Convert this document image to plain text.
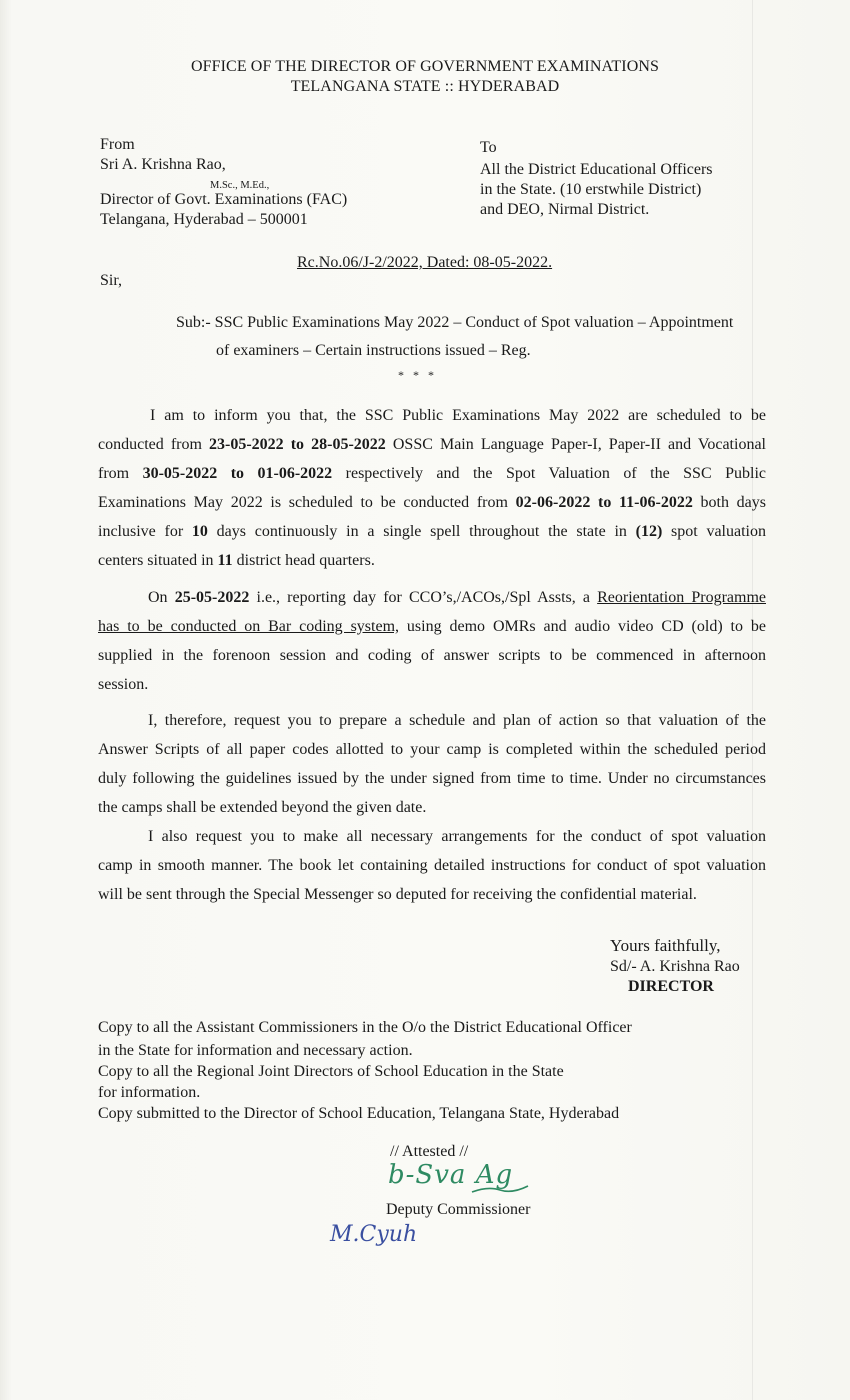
OFFICE OF THE DIRECTOR OF GOVERNMENT EXAMINATIONS
TELANGANA STATE :: HYDERABAD
From
Sri A. Krishna Rao,
M.Sc., M.Ed.,
Director of Govt. Examinations (FAC)
Telangana, Hyderabad – 500001
To
All the District Educational Officers
in the State. (10 erstwhile District)
and DEO, Nirmal District.
Rc.No.06/J-2/2022, Dated: 08-05-2022.
Sir,
Sub:- SSC Public Examinations May 2022 – Conduct of Spot valuation – Appointment
of examiners – Certain instructions issued – Reg.
* * *
I am to inform you that, the SSC Public Examinations May 2022 are scheduled to be
conducted from 23-05-2022 to 28-05-2022 OSSC Main Language Paper-I, Paper-II and Vocational
from 30-05-2022 to 01-06-2022 respectively and the Spot Valuation of the SSC Public
Examinations May 2022 is scheduled to be conducted from 02-06-2022 to 11-06-2022 both days
inclusive for 10 days continuously in a single spell throughout the state in (12) spot valuation
centers situated in 11 district head quarters.
On 25-05-2022 i.e., reporting day for CCO’s,/ACOs,/Spl Assts, a Reorientation Programme
has to be conducted on Bar coding system, using demo OMRs and audio video CD (old) to be
supplied in the forenoon session and coding of answer scripts to be commenced in afternoon
session.
I, therefore, request you to prepare a schedule and plan of action so that valuation of the
Answer Scripts of all paper codes allotted to your camp is completed within the scheduled period
duly following the guidelines issued by the under signed from time to time. Under no circumstances
the camps shall be extended beyond the given date.
I also request you to make all necessary arrangements for the conduct of spot valuation
camp in smooth manner. The book let containing detailed instructions for conduct of spot valuation
will be sent through the Special Messenger so deputed for receiving the confidential material.
Yours faithfully,
Sd/- A. Krishna Rao
DIRECTOR
Copy to all the Assistant Commissioners in the O/o the District Educational Officer
in the State for information and necessary action.
Copy to all the Regional Joint Directors of School Education in the State
for information.
Copy submitted to the Director of School Education, Telangana State, Hyderabad
// Attested //
b-Sva Ag
Deputy Commissioner
M.Cyuh
